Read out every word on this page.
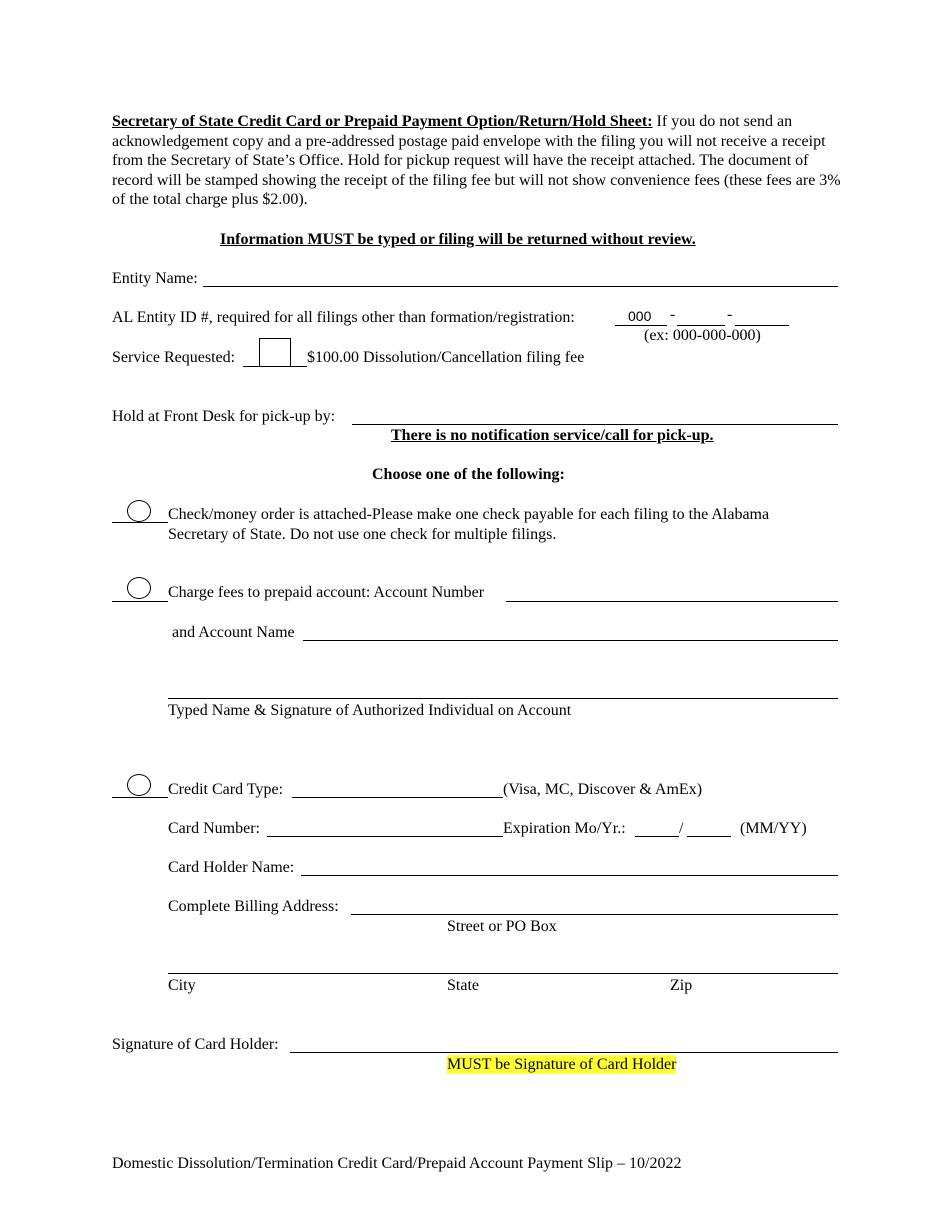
Secretary of State Credit Card or Prepaid Payment Option/Return/Hold Sheet: If you do not send an acknowledgement copy and a pre-addressed postage paid envelope with the filing you will not receive a receipt from the Secretary of State’s Office. Hold for pickup request will have the receipt attached. The document of record will be stamped showing the receipt of the filing fee but will not show convenience fees (these fees are 3% of the total charge plus $2.00).
Information MUST be typed or filing will be returned without review.
Entity Name:
AL Entity ID #, required for all filings other than formation/registration:	000 -	-
(ex: 000-000-000)
Service Requested:	$100.00 Dissolution/Cancellation filing fee
Hold at Front Desk for pick-up by:
There is no notification service/call for pick-up.
Choose one of the following:
Check/money order is attached-Please make one check payable for each filing to the Alabama
Secretary of State. Do not use one check for multiple filings.
Charge fees to prepaid account: Account Number
and Account Name
Typed Name & Signature of Authorized Individual on Account
Credit Card Type:	(Visa, MC, Discover & AmEx)
Card Number:	Expiration Mo/Yr.:	/	(MM/YY)
Card Holder Name:
Complete Billing Address:
Street or PO Box
City	State	Zip
Signature of Card Holder:
MUST be Signature of Card Holder
Domestic Dissolution/Termination Credit Card/Prepaid Account Payment Slip – 10/2022
